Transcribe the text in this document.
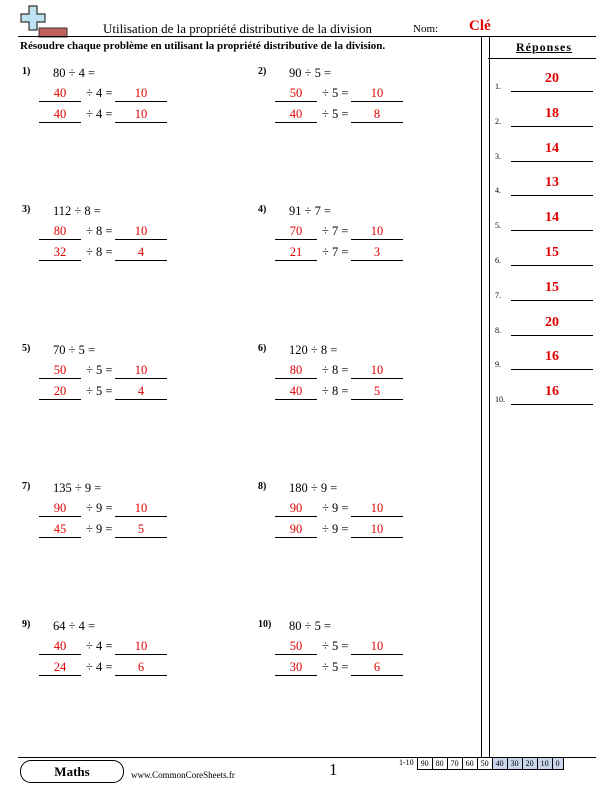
Utilisation de la propriété distributive de la division	Nom: Clé
Résoudre chaque problème en utilisant la propriété distributive de la division.	Réponses
1.
20
2.
18
3.
14
4.
13
5.
14
6.
15
7.
15
8.
20
9.
16
10.
16
1) 80 ÷ 4 =
40	÷ 4 =	10
40	÷ 4 =	10
2) 90 ÷ 5 =
50	÷ 5 =	10
40	÷ 5 =	8
3) 112 ÷ 8 =
80	÷ 8 =	10
32	÷ 8 =	4
4) 91 ÷ 7 =
70	÷ 7 =	10
21	÷ 7 =	3
5) 70 ÷ 5 =
50	÷ 5 =	10
20	÷ 5 =	4
6) 120 ÷ 8 =
80	÷ 8 =	10
40	÷ 8 =	5
7) 135 ÷ 9 =
90	÷ 9 =	10
45	÷ 9 =	5
8) 180 ÷ 9 =
90	÷ 9 =	10
90	÷ 9 =	10
9) 64 ÷ 4 =
40	÷ 4 =	10
24	÷ 4 =	6
10) 80 ÷ 5 =
50	÷ 5 =	10
30	÷ 5 =	6
Maths	www.CommonCoreSheets.fr	1	1-10 90 80 70 60 50 40 30 20 10 0
